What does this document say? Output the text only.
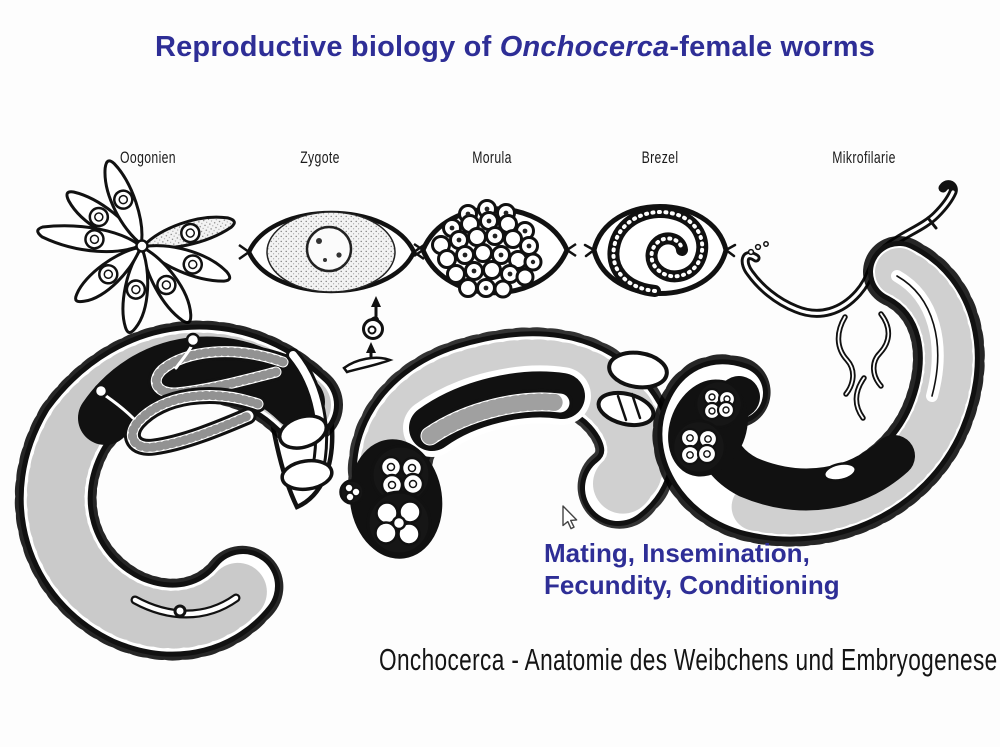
Reproductive biology of Onchocerca-female worms
Oogonien	Zygote	Morula	Brezel	Mikrofilarie
Mating, Insemination,
Fecundity, Conditioning
Onchocerca - Anatomie des Weibchens und Embryogenese
